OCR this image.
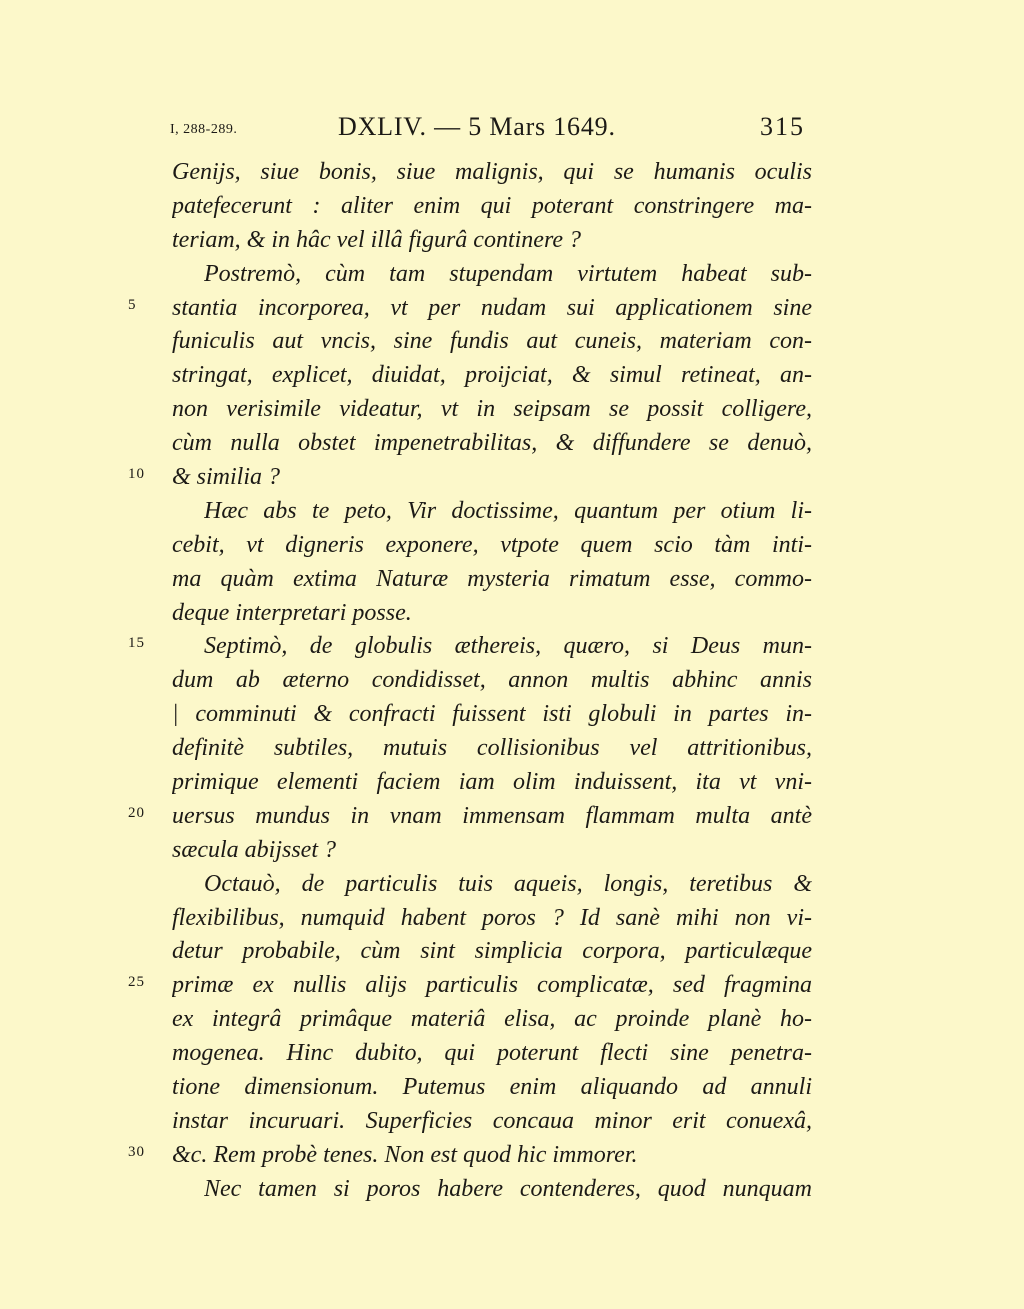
I, 288-289.	DXLIV. — 5 Mars 1649.	315
Genijs, siue bonis, siue malignis, qui se humanis oculis
patefecerunt : aliter enim qui poterant constringere ma-
teriam, & in hâc vel illâ figurâ continere ?
Postremò, cùm tam stupendam virtutem habeat sub-
5	stantia incorporea, vt per nudam sui applicationem sine
funiculis aut vncis, sine fundis aut cuneis, materiam con-
stringat, explicet, diuidat, proijciat, & simul retineat, an-
non verisimile videatur, vt in seipsam se possit colligere,
cùm nulla obstet impenetrabilitas, & diffundere se denuò,
10 & similia ?
Hæc abs te peto, Vir doctissime, quantum per otium li-
cebit, vt digneris exponere, vtpote quem scio tàm inti-
ma quàm extima Naturæ mysteria rimatum esse, commo-
deque interpretari posse.
15 Septimò, de globulis æthereis, quæro, si Deus mun-
dum ab æterno condidisset, annon multis abhinc annis
| comminuti & confracti fuissent isti globuli in partes in-
definitè subtiles, mutuis collisionibus vel attritionibus,
primique elementi faciem iam olim induissent, ita vt vni-
20 uersus mundus in vnam immensam flammam multa antè
sæcula abijsset ?
Octauò, de particulis tuis aqueis, longis, teretibus &
flexibilibus, numquid habent poros ? Id sanè mihi non vi-
detur probabile, cùm sint simplicia corpora, particulæque
25 primæ ex nullis alijs particulis complicatæ, sed fragmina
ex integrâ primâque materiâ elisa, ac proinde planè ho-
mogenea. Hinc dubito, qui poterunt flecti sine penetra-
tione dimensionum. Putemus enim aliquando ad annuli
instar incuruari. Superficies concaua minor erit conuexâ,
30 &c. Rem probè tenes. Non est quod hic immorer.
Nec tamen si poros habere contenderes, quod nunquam
